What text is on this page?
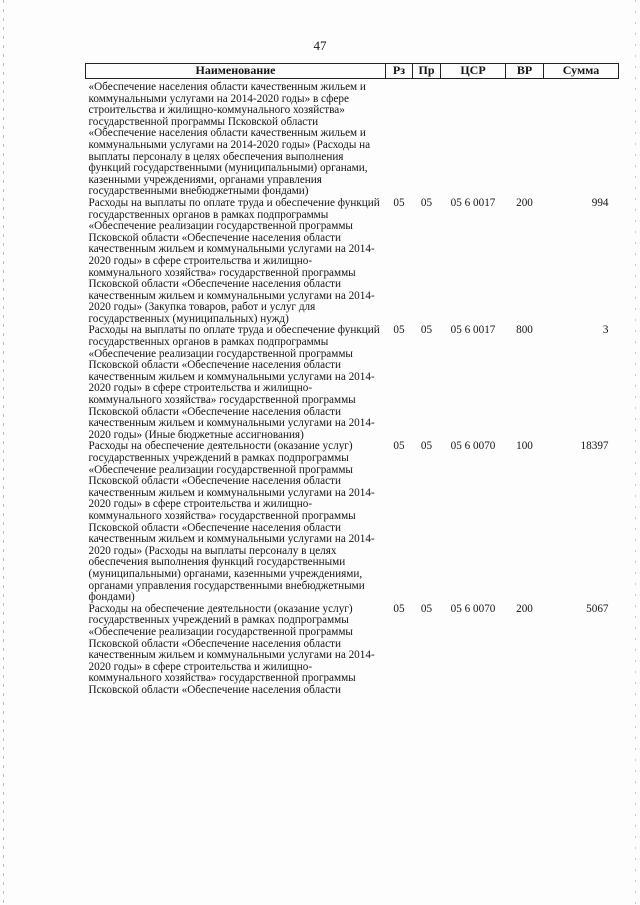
47
Наименование	Рз	Пр	ЦСР	ВР	Сумма
«Обеспечение населения области качественным жильем и коммунальными услугами на 2014-2020 годы» в сфере строительства и жилищно-коммунального хозяйства» государственной программы Псковской области «Обеспечение населения области качественным жильем и коммунальными услугами на 2014-2020 годы» (Расходы на выплаты персоналу в целях обеспечения выполнения функций государственными (муниципальными) органами, казенными учреждениями, органами управления государственными внебюджетными фондами)					
Расходы на выплаты по оплате труда и обеспечение функций государственных органов в рамках подпрограммы «Обеспечение реализации государственной программы Псковской области «Обеспечение населения области качественным жильем и коммунальными услугами на 2014-2020 годы» в сфере строительства и жилищно-коммунального хозяйства» государственной программы Псковской области «Обеспечение населения области качественным жильем и коммунальными услугами на 2014-2020 годы» (Закупка товаров, работ и услуг для государственных (муниципальных) нужд)	05	05	05 6 0017	200	994
Расходы на выплаты по оплате труда и обеспечение функций государственных органов в рамках подпрограммы «Обеспечение реализации государственной программы Псковской области «Обеспечение населения области качественным жильем и коммунальными услугами на 2014-2020 годы» в сфере строительства и жилищно-коммунального хозяйства» государственной программы Псковской области «Обеспечение населения области качественным жильем и коммунальными услугами на 2014-2020 годы» (Иные бюджетные ассигнования)	05	05	05 6 0017	800	3
Расходы на обеспечение деятельности (оказание услуг) государственных учреждений в рамках подпрограммы «Обеспечение реализации государственной программы Псковской области «Обеспечение населения области качественным жильем и коммунальными услугами на 2014-2020 годы» в сфере строительства и жилищно-коммунального хозяйства» государственной программы Псковской области «Обеспечение населения области качественным жильем и коммунальными услугами на 2014-2020 годы» (Расходы на выплаты персоналу в целях обеспечения выполнения функций государственными (муниципальными) органами, казенными учреждениями, органами управления государственными внебюджетными фондами)	05	05	05 6 0070	100	18397
Расходы на обеспечение деятельности (оказание услуг) государственных учреждений в рамках подпрограммы «Обеспечение реализации государственной программы Псковской области «Обеспечение населения области качественным жильем и коммунальными услугами на 2014-2020 годы» в сфере строительства и жилищно-коммунального хозяйства» государственной программы Псковской области «Обеспечение населения области	05	05	05 6 0070	200	5067
